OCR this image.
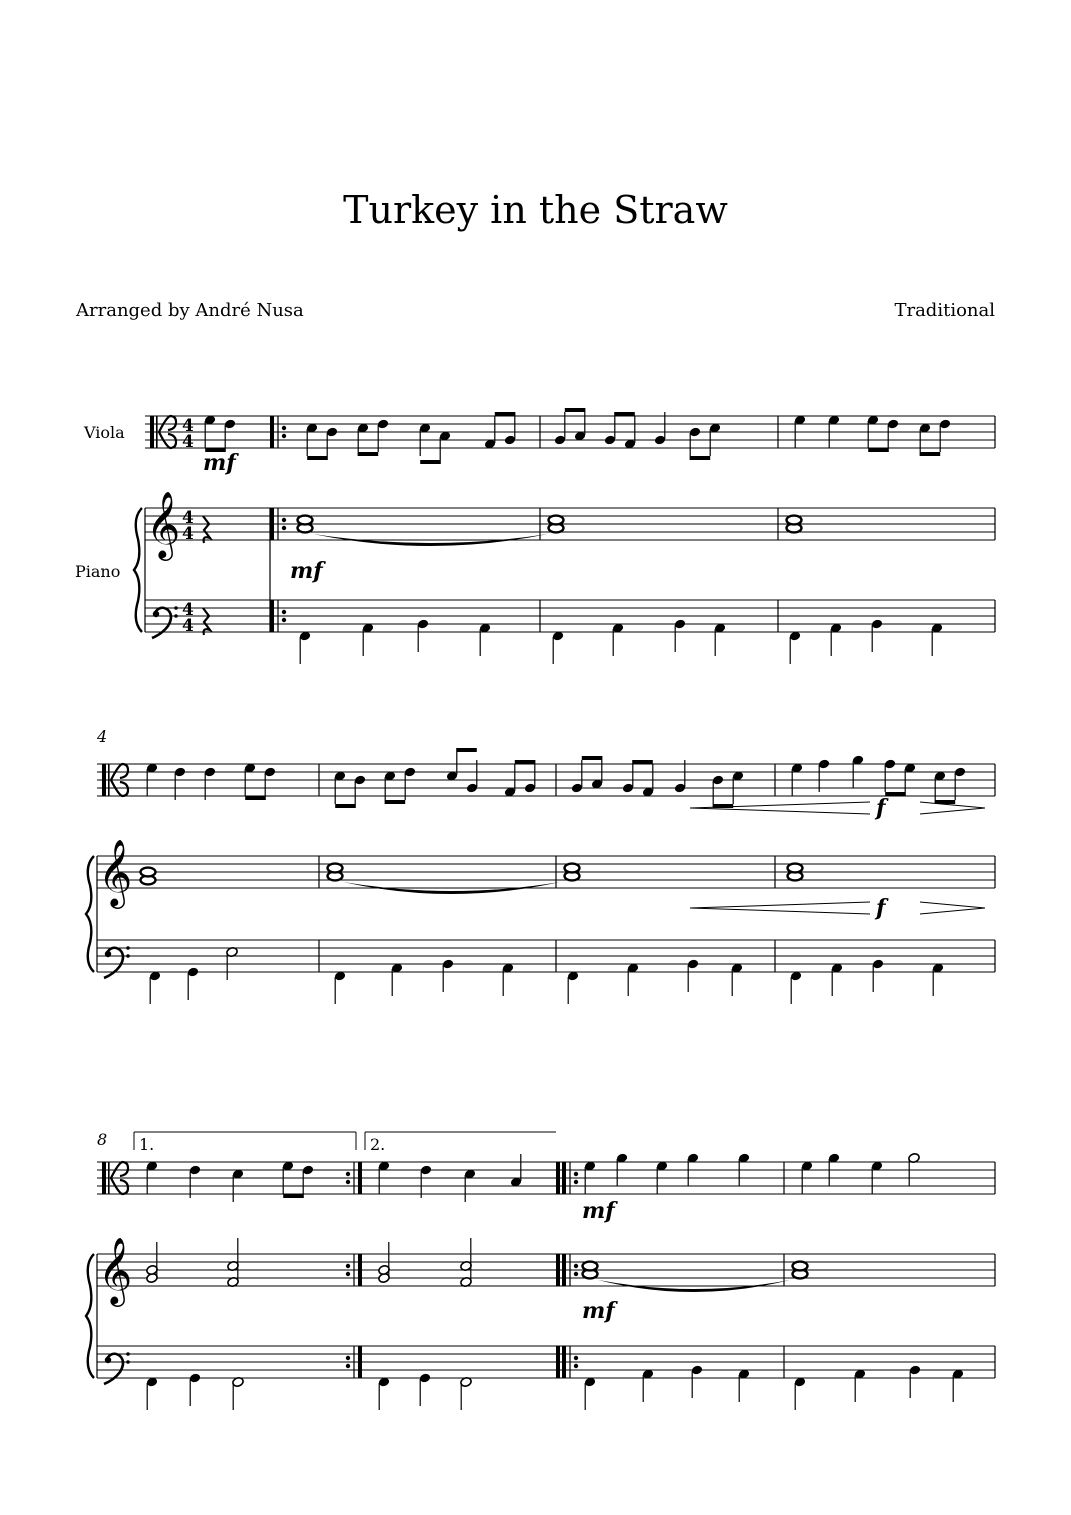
Turkey in the Straw
Arranged by André Nusa	Traditional
Viola
Piano
𝄞
4
4
4
4
4
4
mf
mf
4
𝄞
f
f
8
𝄞
1.	2.
mf
mf
